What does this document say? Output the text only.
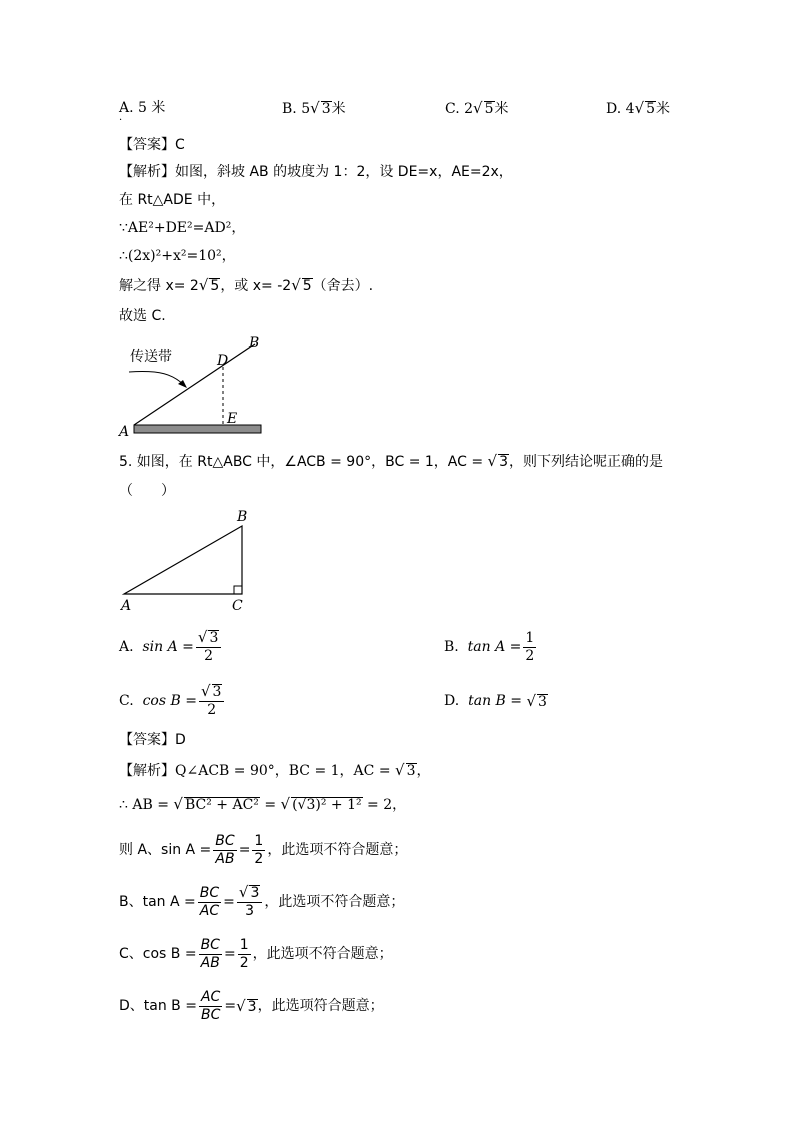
A. 5 米
·
B. 5√ 3米	C. 2√ 5米	D. 4√ 5米
【答案】C
【解析】如图，斜坡 AB 的坡度为 1：2，设 DE=x，AE=2x，
在 Rt△ADE 中，
∵AE²+DE²=AD²，
∴(2x)²+x²=10²，
解之得 x= 2√ 5，或 x= -2√ 5（舍去）.
故选 C.
传送带
B
D
E
A
5. 如图，在 Rt△ABC 中，∠ACB = 90°，BC = 1，AC = √ 3，则下列结论呢正确的是
（　　）
B
A	C
A.
$\sin A = \frac{√ 3}{2}$	B.
$\tan A = \frac{1}{2}$
C.
$\cos B = \frac{√ 3}{2}$	D.
tan B =
√ 3
【答案】D
【解析】Q∠ACB = 90°，BC = 1，AC = √ 3，
∴ AB = √ BC² + AC² = √ (√3)² + 1² = 2，
则 A、$\sin A = \frac{BC}{AB} = \frac{1}{2}$ ，此选项不符合题意；
B、$\tan A = \frac{BC}{AC} = \frac{√ 3}{3}$ ，此选项不符合题意；
C、$\cos B = \frac{BC}{AB} = \frac{1}{2}$ ，此选项不符合题意；
D、$\tan B = \frac{AC}{BC}$ = √ 3 ，此选项符合题意；
